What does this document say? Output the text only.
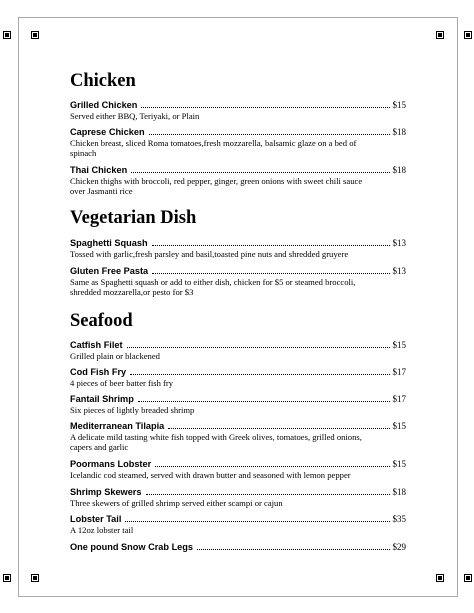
Chicken
Grilled Chicken	$15
Served either BBQ, Teriyaki, or Plain
Caprese Chicken	$18
Chicken breast, sliced Roma tomatoes,fresh mozzarella, balsamic glaze on a bed of
spinach
Thai Chicken	$18
Chicken thighs with broccoli, red pepper, ginger, green onions with sweet chili sauce
over Jasmanti rice
Vegetarian Dish
Spaghetti Squash	$13
Tossed with garlic,fresh parsley and basil,toasted pine nuts and shredded gruyere
Gluten Free Pasta	$13
Same as Spaghetti squash or add to either dish, chicken for $5 or steamed broccoli,
shredded mozzarella,or pesto for $3
Seafood
Catfish Filet	$15
Grilled plain or blackened
Cod Fish Fry	$17
4 pieces of beer batter fish fry
Fantail Shrimp	$17
Six pieces of lightly breaded shrimp
Mediterranean Tilapia	$15
A delicate mild tasting white fish topped with Greek olives, tomatoes, grilled onions,
capers and garlic
Poormans Lobster	$15
Icelandic cod steamed, served with drawn butter and seasoned with lemon pepper
Shrimp Skewers	$18
Three skewers of grilled shrimp served either scampi or cajun
Lobster Tail	$35
A 12oz lobster tail
One pound Snow Crab Legs	$29
